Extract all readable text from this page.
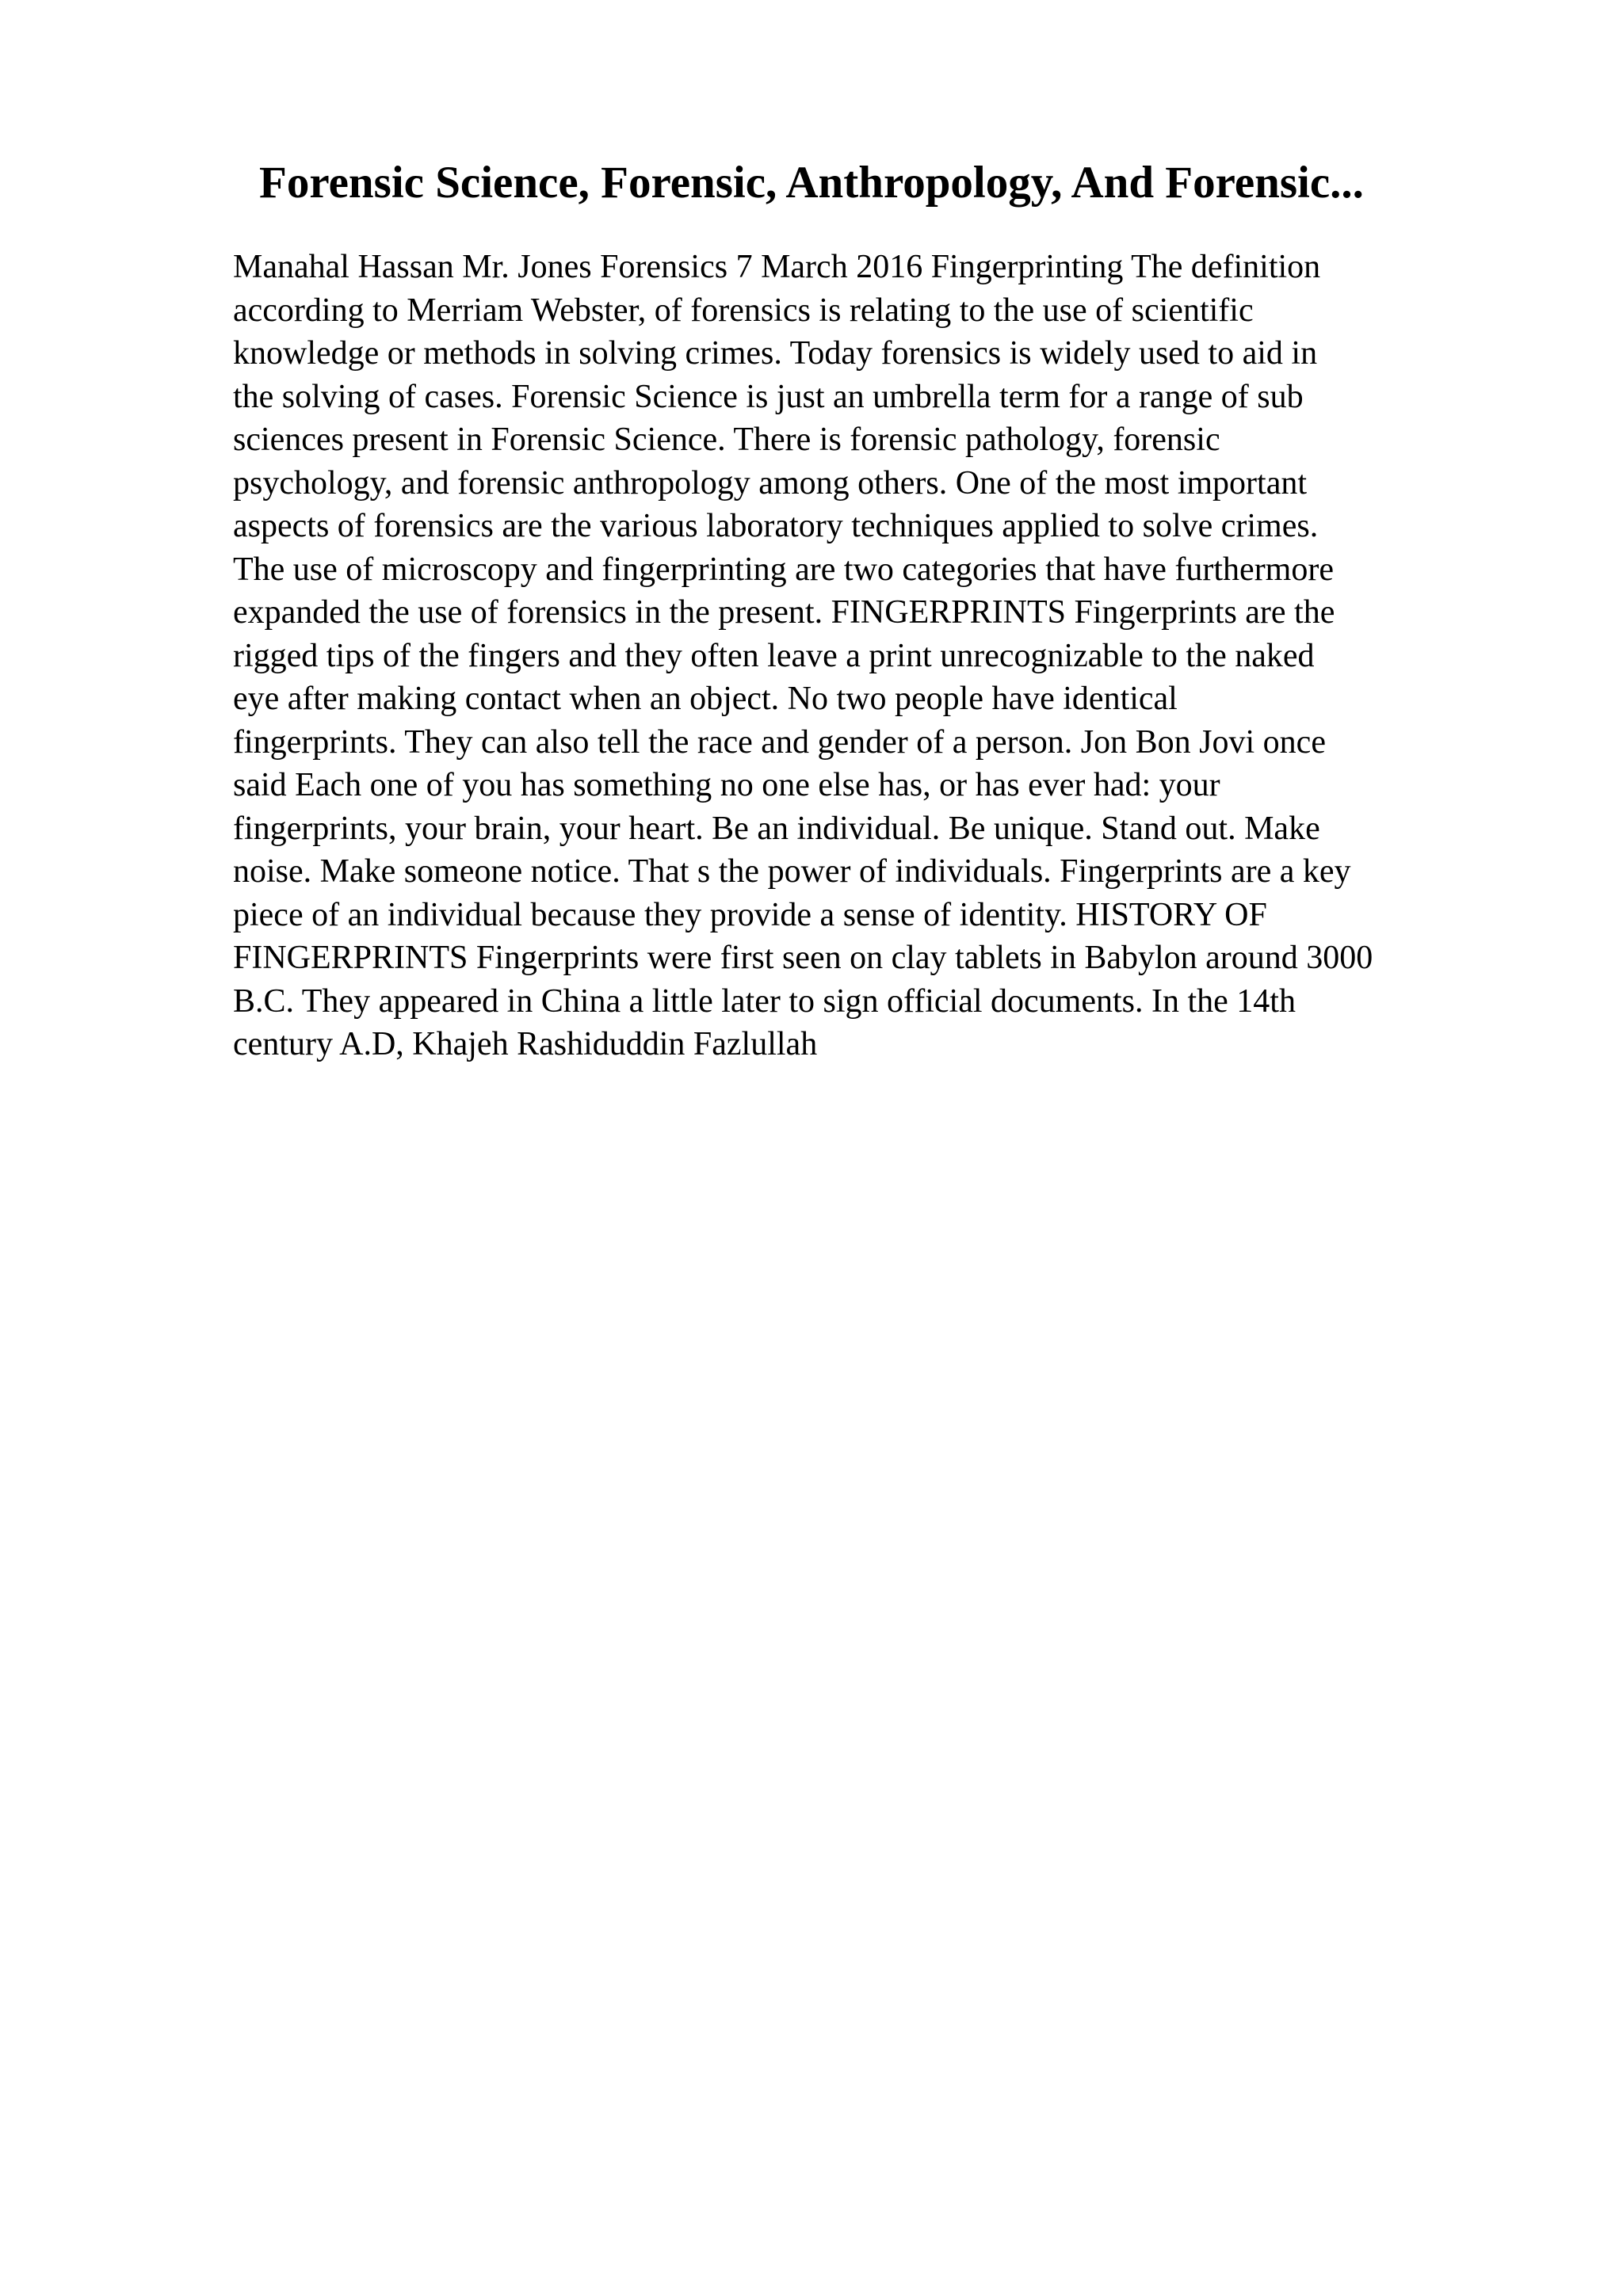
Forensic Science, Forensic, Anthropology, And Forensic...
Manahal Hassan Mr. Jones Forensics 7 March 2016 Fingerprinting The definition
according to Merriam Webster, of forensics is relating to the use of scientific
knowledge or methods in solving crimes. Today forensics is widely used to aid in
the solving of cases. Forensic Science is just an umbrella term for a range of sub
sciences present in Forensic Science. There is forensic pathology, forensic
psychology, and forensic anthropology among others. One of the most important
aspects of forensics are the various laboratory techniques applied to solve crimes.
The use of microscopy and fingerprinting are two categories that have furthermore
expanded the use of forensics in the present. FINGERPRINTS Fingerprints are the
rigged tips of the fingers and they often leave a print unrecognizable to the naked
eye after making contact when an object. No two people have identical
fingerprints. They can also tell the race and gender of a person. Jon Bon Jovi once
said Each one of you has something no one else has, or has ever had: your
fingerprints, your brain, your heart. Be an individual. Be unique. Stand out. Make
noise. Make someone notice. That s the power of individuals. Fingerprints are a key
piece of an individual because they provide a sense of identity. HISTORY OF
FINGERPRINTS Fingerprints were first seen on clay tablets in Babylon around 3000
B.C. They appeared in China a little later to sign official documents. In the 14th
century A.D, Khajeh Rashiduddin Fazlullah
